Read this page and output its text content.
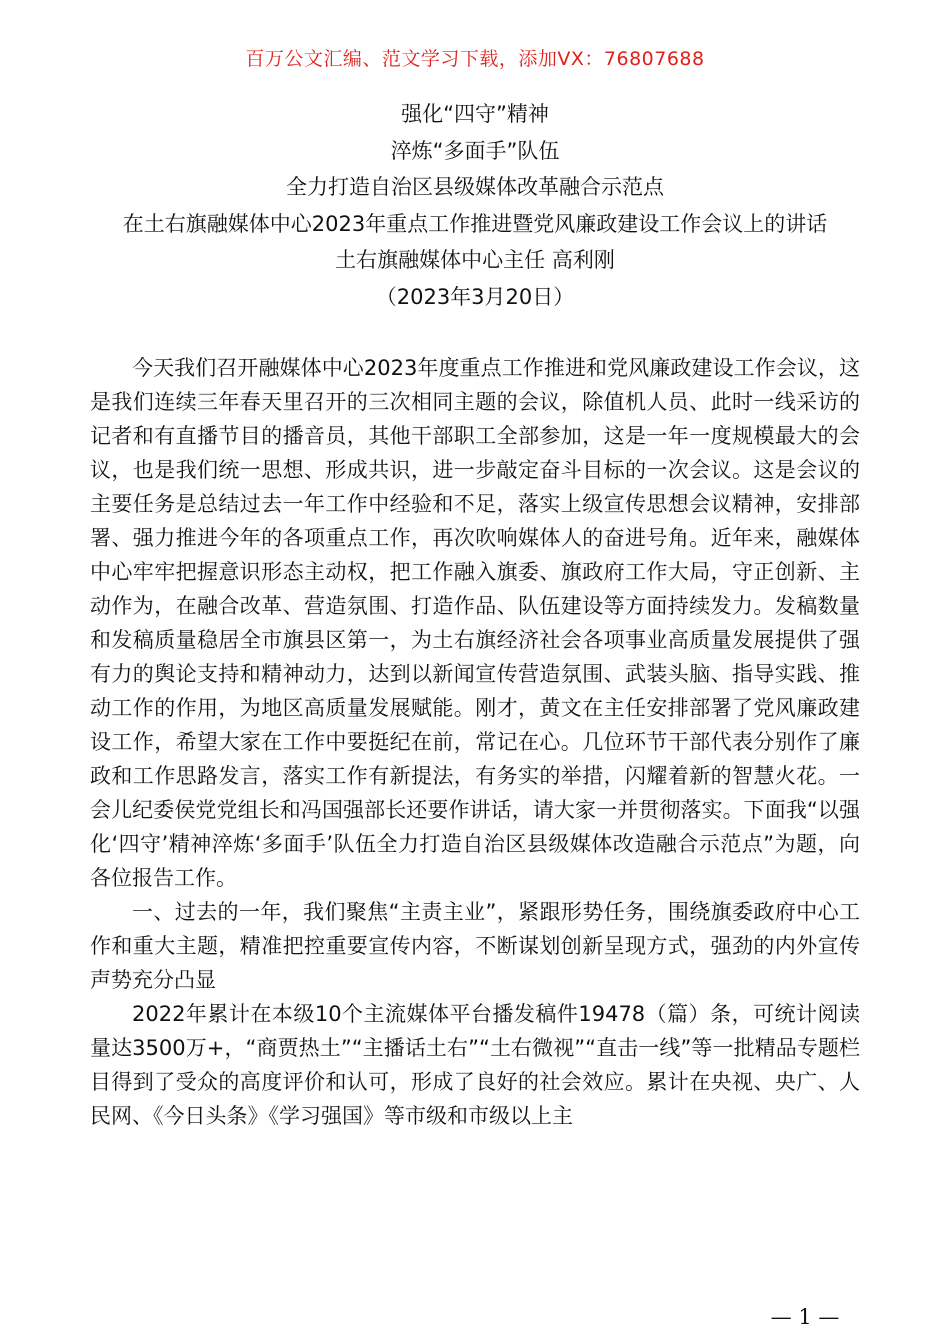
百万公文汇编、范文学习下载，添加VX：76807688
强化“四守”精神
淬炼“多面手”队伍
全力打造自治区县级媒体改革融合示范点
在土右旗融媒体中心2023年重点工作推进暨党风廉政建设工作会议上的讲话
土右旗融媒体中心主任 高利刚
（2023年3月20日）

今天我们召开融媒体中心2023年度重点工作推进和党风廉政建设工作会议，这是我们连续三年春天里召开的三次相同主题的会议，除值机人员、此时一线采访的记者和有直播节目的播音员，其他干部职工全部参加，这是一年一度规模最大的会议，也是我们统一思想、形成共识，进一步敲定奋斗目标的一次会议。这是会议的主要任务是总结过去一年工作中经验和不足，落实上级宣传思想会议精神，安排部署、强力推进今年的各项重点工作，再次吹响媒体人的奋进号角。近年来，融媒体中心牢牢把握意识形态主动权，把工作融入旗委、旗政府工作大局，守正创新、主动作为，在融合改革、营造氛围、打造作品、队伍建设等方面持续发力。发稿数量和发稿质量稳居全市旗县区第一，为土右旗经济社会各项事业高质量发展提供了强有力的舆论支持和精神动力，达到以新闻宣传营造氛围、武装头脑、指导实践、推动工作的作用，为地区高质量发展赋能。刚才，黄文在主任安排部署了党风廉政建设工作，希望大家在工作中要挺纪在前，常记在心。几位环节干部代表分别作了廉政和工作思路发言，落实工作有新提法，有务实的举措，闪耀着新的智慧火花。一会儿纪委侯党党组长和冯国强部长还要作讲话，请大家一并贯彻落实。下面我“以强化‘四守’精神淬炼‘多面手’队伍全力打造自治区县级媒体改造融合示范点”为题，向各位报告工作。

一、过去的一年，我们聚焦“主责主业”，紧跟形势任务，围绕旗委政府中心工作和重大主题，精准把控重要宣传内容，不断谋划创新呈现方式，强劲的内外宣传声势充分凸显

2022年累计在本级10个主流媒体平台播发稿件19478（篇）条，可统计阅读量达3500万+，“商贾热土”“主播话土右”“土右微视”“直击一线”等一批精品专题栏目得到了受众的高度评价和认可，形成了良好的社会效应。累计在央视、央广、人民网、《今日头条》《学习强国》等市级和市级以上主

— 1 —
